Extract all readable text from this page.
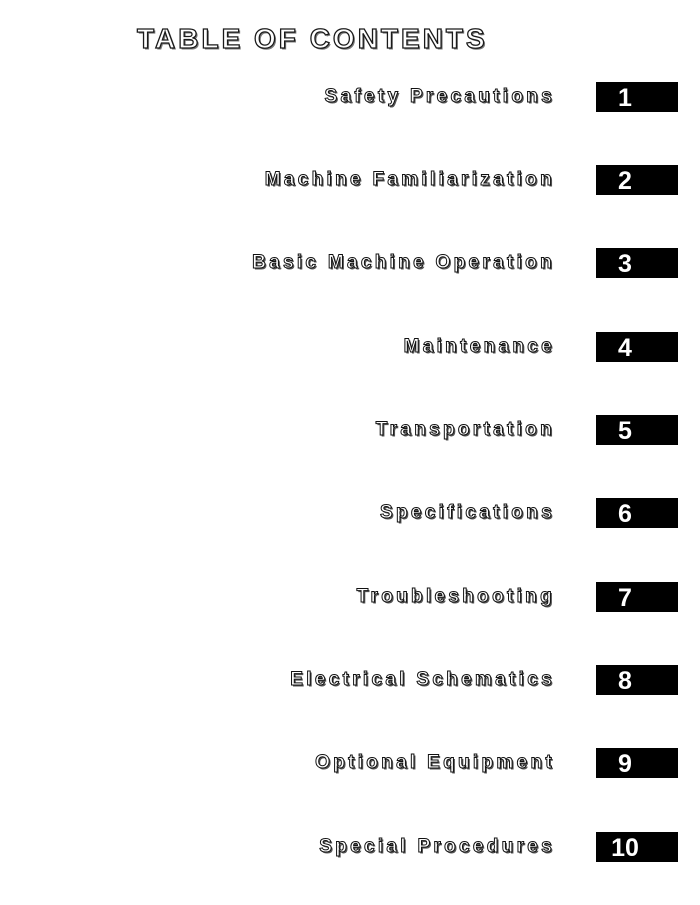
TABLE OF CONTENTS
Safety Precautions	1
Machine Familiarization	2
Basic Machine Operation	3
Maintenance	4
Transportation	5
Specifications	6
Troubleshooting	7
Electrical Schematics	8
Optional Equipment	9
Special Procedures	10
